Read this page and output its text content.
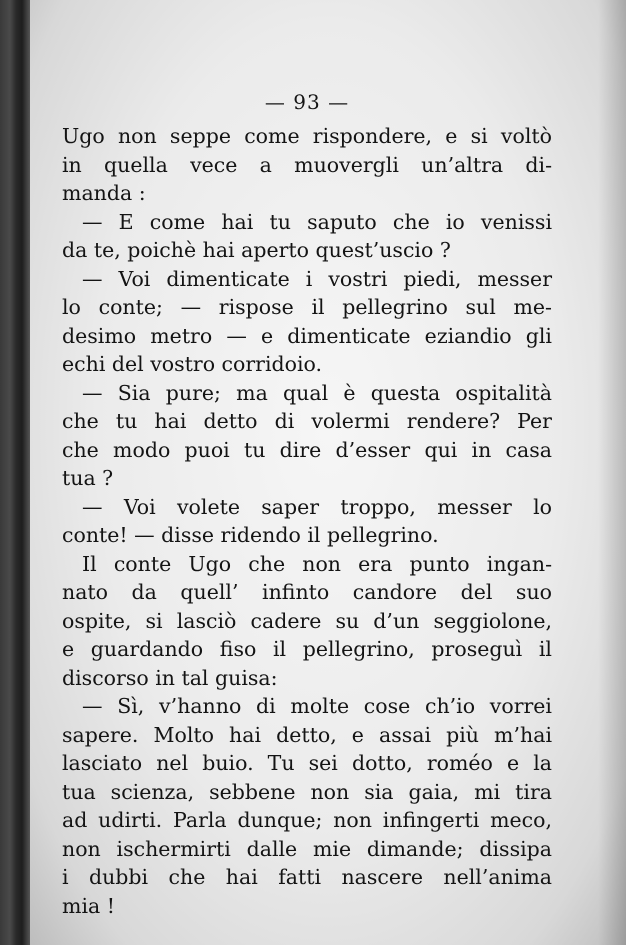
— 93 —
Ugo non seppe come rispondere, e si voltò
in quella vece a muovergli un’altra di-
manda :
— E come hai tu saputo che io venissi
da te, poichè hai aperto quest’uscio ?
— Voi dimenticate i vostri piedi, messer
lo conte; — rispose il pellegrino sul me-
desimo metro — e dimenticate eziandio gli
echi del vostro corridoio.
— Sia pure; ma qual è questa ospitalità
che tu hai detto di volermi rendere? Per
che modo puoi tu dire d’esser qui in casa
tua ?
— Voi volete saper troppo, messer lo
conte! — disse ridendo il pellegrino.
Il conte Ugo che non era punto ingan-
nato da quell’ infinto candore del suo
ospite, si lasciò cadere su d’un seggiolone,
e guardando fiso il pellegrino, proseguì il
discorso in tal guisa:
— Sì, v’hanno di molte cose ch’io vorrei
sapere. Molto hai detto, e assai più m’hai
lasciato nel buio. Tu sei dotto, roméo e la
tua scienza, sebbene non sia gaia, mi tira
ad udirti. Parla dunque; non infingerti meco,
non ischermirti dalle mie dimande; dissipa
i dubbi che hai fatti nascere nell’anima
mia !
